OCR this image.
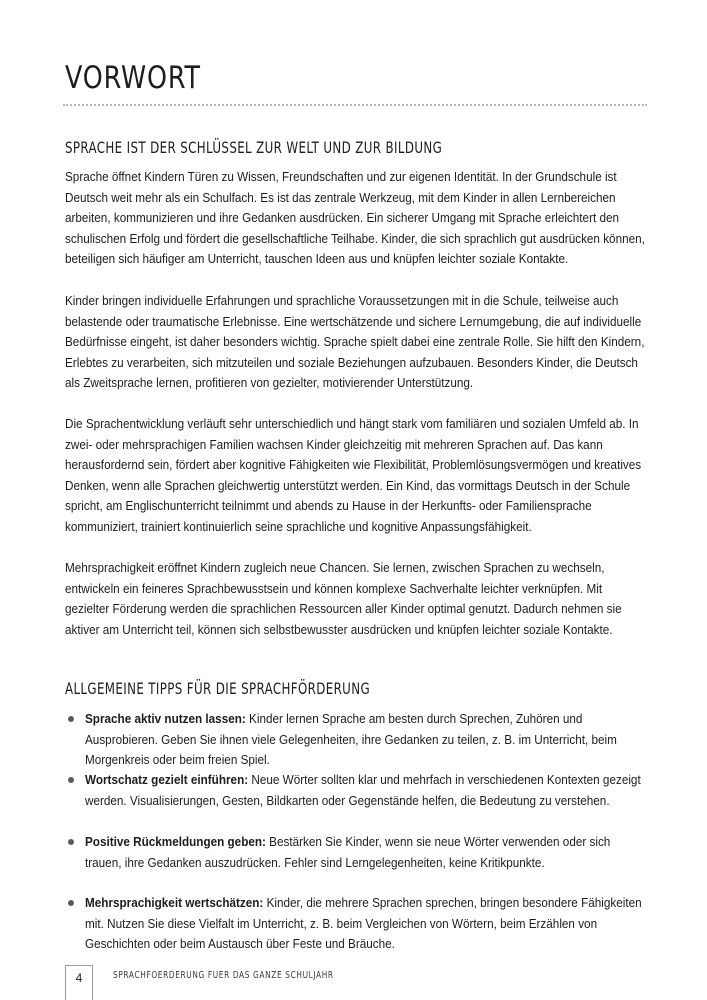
VORWORT
SPRACHE IST DER SCHLÜSSEL ZUR WELT UND ZUR BILDUNG

Sprache öffnet Kindern Türen zu Wissen, Freundschaften und zur eigenen Identität. In der Grundschule ist Deutsch weit mehr als ein Schulfach. Es ist das zentrale Werkzeug, mit dem Kinder in allen Lernbereichen arbeiten, kommunizieren und ihre Gedanken ausdrücken. Ein sicherer Umgang mit Sprache erleichtert den schulischen Erfolg und fördert die gesellschaftliche Teilhabe. Kinder, die sich sprachlich gut ausdrücken können, beteiligen sich häufiger am Unterricht, tauschen Ideen aus und knüpfen leichter soziale Kontakte.

Kinder bringen individuelle Erfahrungen und sprachliche Voraussetzungen mit in die Schule, teilweise auch belastende oder traumatische Erlebnisse. Eine wertschätzende und sichere Lernumgebung, die auf individuelle Bedürfnisse eingeht, ist daher besonders wichtig. Sprache spielt dabei eine zentrale Rolle. Sie hilft den Kindern, Erlebtes zu verarbeiten, sich mitzuteilen und soziale Beziehungen aufzubauen. Besonders Kinder, die Deutsch als Zweitsprache lernen, profitieren von gezielter, motivierender Unterstützung.

Die Sprachentwicklung verläuft sehr unterschiedlich und hängt stark vom familiären und sozialen Umfeld ab. In zwei- oder mehrsprachigen Familien wachsen Kinder gleichzeitig mit mehreren Sprachen auf. Das kann herausfordernd sein, fördert aber kognitive Fähigkeiten wie Flexibilität, Problemlösungsvermögen und kreatives Denken, wenn alle Sprachen gleichwertig unterstützt werden. Ein Kind, das vormittags Deutsch in der Schule spricht, am Englischunterricht teilnimmt und abends zu Hause in der Herkunfts- oder Familiensprache kommuniziert, trainiert kontinuierlich seine sprachliche und kognitive Anpassungsfähigkeit.

Mehrsprachigkeit eröffnet Kindern zugleich neue Chancen. Sie lernen, zwischen Sprachen zu wechseln, entwickeln ein feineres Sprachbewusstsein und können komplexe Sachverhalte leichter verknüpfen. Mit gezielter Förderung werden die sprachlichen Ressourcen aller Kinder optimal genutzt. Dadurch nehmen sie aktiver am Unterricht teil, können sich selbstbewusster ausdrücken und knüpfen leichter soziale Kontakte.

ALLGEMEINE TIPPS FÜR DIE SPRACHFÖRDERUNG
Sprache aktiv nutzen lassen: Kinder lernen Sprache am besten durch Sprechen, Zuhören und Ausprobieren. Geben Sie ihnen viele Gelegenheiten, ihre Gedanken zu teilen, z. B. im Unterricht, beim Morgenkreis oder beim freien Spiel.
Wortschatz gezielt einführen: Neue Wörter sollten klar und mehrfach in verschiedenen Kontexten gezeigt werden. Visualisierungen, Gesten, Bildkarten oder Gegenstände helfen, die Bedeutung zu verstehen.
Positive Rückmeldungen geben: Bestärken Sie Kinder, wenn sie neue Wörter verwenden oder sich trauen, ihre Gedanken auszudrücken. Fehler sind Lerngelegenheiten, keine Kritikpunkte.
Mehrsprachigkeit wertschätzen: Kinder, die mehrere Sprachen sprechen, bringen besondere Fähigkeiten mit. Nutzen Sie diese Vielfalt im Unterricht, z. B. beim Vergleichen von Wörtern, beim Erzählen von Geschichten oder beim Austausch über Feste und Bräuche.
4	SPRACHFOERDERUNG FUER DAS GANZE SCHULJAHR
